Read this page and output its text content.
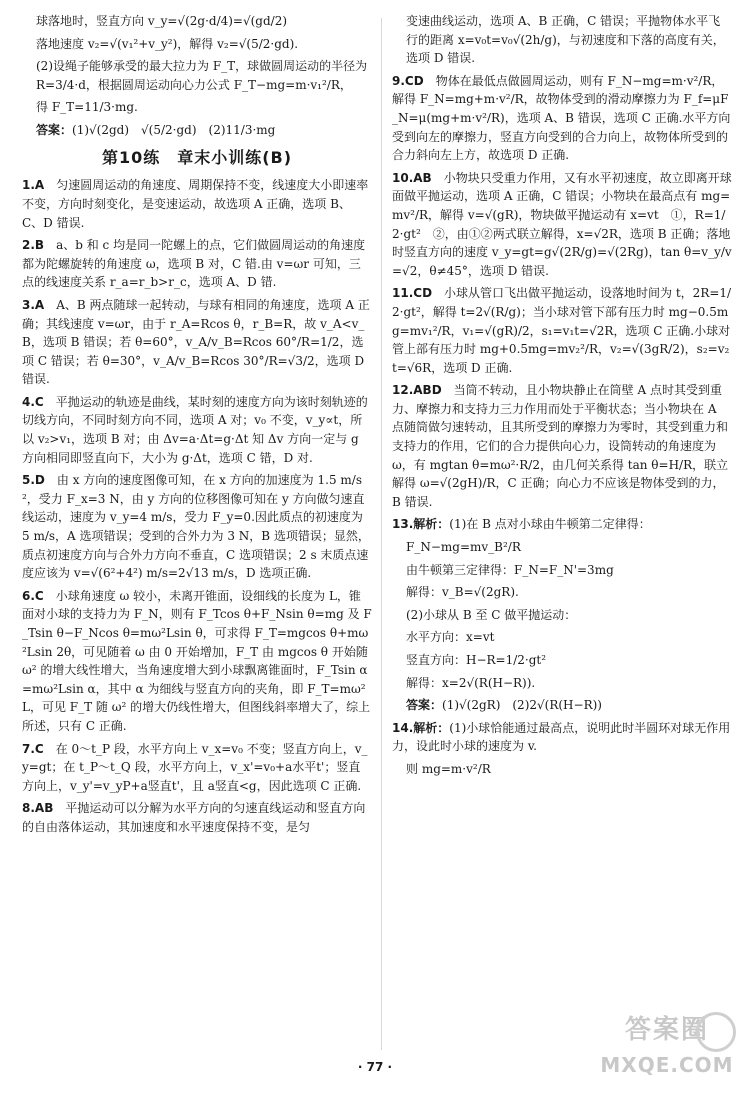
球落地时，竖直方向 v_y=√(2g·d/4)=√(gd/2)

落地速度 v₂=√(v₁²+v_y²)，解得 v₂=√(5/2·gd).

(2)设绳子能够承受的最大拉力为 F_T，球做圆周运动的半径为 R=3/4·d，根据圆周运动向心力公式 F_T−mg=m·v₁²/R，

得 F_T=11/3·mg.

答案：(1)√(2gd)　√(5/2·gd)　(2)11/3·mg

第10练　章末小训练(B)

1.A　 匀速圆周运动的角速度、周期保持不变，线速度大小即速率不变，方向时刻变化，是变速运动，故选项 A 正确，选项 B、C、D 错误.

2.B　 a、b 和 c 均是同一陀螺上的点，它们做圆周运动的角速度都为陀螺旋转的角速度 ω，选项 B 对，C 错.由 v=ωr 可知，三点的线速度关系 r_a=r_b>r_c，选项 A、D 错.

3.A　 A、B 两点随球一起转动，与球有相同的角速度，选项 A 正确；其线速度 v=ωr，由于 r_A=Rcos θ，r_B=R，故 v_A<v_B，选项 B 错误；若 θ=60°，v_A/v_B=Rcos 60°/R=1/2，选项 C 错误；若 θ=30°，v_A/v_B=Rcos 30°/R=√3/2，选项 D 错误.

4.C　 平抛运动的轨迹是曲线，某时刻的速度方向为该时刻轨迹的切线方向，不同时刻方向不同，选项 A 对；v₀ 不变，v_y∝t，所以 v₂>v₁，选项 B 对；由 Δv=a·Δt=g·Δt 知 Δv 方向一定与 g 方向相同即竖直向下，大小为 g·Δt，选项 C 错，D 对.

5.D　 由 x 方向的速度图像可知，在 x 方向的加速度为 1.5 m/s²，受力 F_x=3 N，由 y 方向的位移图像可知在 y 方向做匀速直线运动，速度为 v_y=4 m/s，受力 F_y=0.因此质点的初速度为 5 m/s，A 选项错误；受到的合外力为 3 N，B 选项错误；显然，质点初速度方向与合外力方向不垂直，C 选项错误；2 s 末质点速度应该为 v=√(6²+4²) m/s=2√13 m/s，D 选项正确.

6.C　 小球角速度 ω 较小，未离开锥面，设细线的长度为 L，锥面对小球的支持力为 F_N，则有 F_Tcos θ+F_Nsin θ=mg 及 F_Tsin θ−F_Ncos θ=mω²Lsin θ，可求得 F_T=mgcos θ+mω²Lsin 2θ，可见随着 ω 由 0 开始增加，F_T 由 mgcos θ 开始随 ω² 的增大线性增大，当角速度增大到小球飘离锥面时，F_Tsin α=mω²Lsin α，其中 α 为细线与竖直方向的夹角，即 F_T=mω²L，可见 F_T 随 ω² 的增大仍线性增大，但图线斜率增大了，综上所述，只有 C 正确.

7.C　 在 0～t_P 段，水平方向上 v_x=v₀ 不变；竖直方向上，v_y=gt；在 t_P～t_Q 段，水平方向上，v_x'=v₀+a水平t'；竖直方向上，v_y'=v_yP+a竖直t'，且 a竖直<g，因此选项 C 正确.

8.AB　 平抛运动可以分解为水平方向的匀速直线运动和竖直方向的自由落体运动，其加速度和水平速度保持不变，是匀

变速曲线运动，选项 A、B 正确，C 错误；平抛物体水平飞行的距离 x=v₀t=v₀√(2h/g)，与初速度和下落的高度有关，选项 D 错误.

9.CD　 物体在最低点做圆周运动，则有 F_N−mg=m·v²/R，解得 F_N=mg+m·v²/R，故物体受到的滑动摩擦力为 F_f=μF_N=μ(mg+m·v²/R)，选项 A、B 错误，选项 C 正确.水平方向受到向左的摩擦力，竖直方向受到的合力向上，故物体所受到的合力斜向左上方，故选项 D 正确.

10.AB　 小物块只受重力作用，又有水平初速度，故立即离开球面做平抛运动，选项 A 正确，C 错误；小物块在最高点有 mg=mv²/R，解得 v=√(gR)，物块做平抛运动有 x=vt　①，R=1/2·gt²　②，由①②两式联立解得，x=√2R，选项 B 正确；落地时竖直方向的速度 v_y=gt=g√(2R/g)=√(2Rg)，tan θ=v_y/v=√2，θ≠45°，选项 D 错误.

11.CD　 小球从管口飞出做平抛运动，设落地时间为 t，2R=1/2·gt²，解得 t=2√(R/g)；当小球对管下部有压力时 mg−0.5mg=mv₁²/R，v₁=√(gR)/2，s₁=v₁t=√2R，选项 C 正确.小球对管上部有压力时 mg+0.5mg=mv₂²/R，v₂=√(3gR/2)，s₂=v₂t=√6R，选项 D 正确.

12.ABD　 当筒不转动，且小物块静止在筒壁 A 点时其受到重力、摩擦力和支持力三力作用而处于平衡状态；当小物块在 A 点随筒做匀速转动，且其所受到的摩擦力为零时，其受到重力和支持力的作用，它们的合力提供向心力，设筒转动的角速度为 ω，有 mgtan θ=mω²·R/2，由几何关系得 tan θ=H/R，联立解得 ω=√(2gH)/R，C 正确；向心力不应该是物体受到的力，B 错误.

13.解析：(1)在 B 点对小球由牛顿第二定律得：

F_N−mg=mv_B²/R

由牛顿第三定律得：F_N=F_N'=3mg

解得：v_B=√(2gR).

(2)小球从 B 至 C 做平抛运动：

水平方向：x=vt

竖直方向：H−R=1/2·gt²

解得：x=2√(R(H−R)).

答案：(1)√(2gR)　(2)2√(R(H−R))

14.解析：(1)小球恰能通过最高点，说明此时半圆环对球无作用力，设此时小球的速度为 v.

则 mg=m·v²/R

· 77 ·
答案圈
MXQE.COM
